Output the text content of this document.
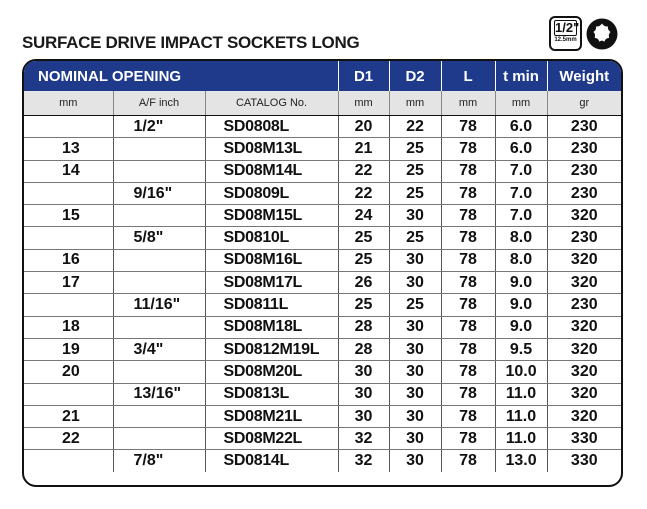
SURFACE DRIVE IMPACT SOCKETS LONG
1/2"
12.5mm
NOMINAL OPENING			D1	D2	L	t min	Weight
mm	A/F inch	CATALOG No.	mm	mm	mm	mm	gr
	1/2"	SD0808L	20	22	78	6.0	230
13		SD08M13L	21	25	78	6.0	230
14		SD08M14L	22	25	78	7.0	230
	9/16"	SD0809L	22	25	78	7.0	230
15		SD08M15L	24	30	78	7.0	320
	5/8"	SD0810L	25	25	78	8.0	230
16		SD08M16L	25	30	78	8.0	320
17		SD08M17L	26	30	78	9.0	320
	11/16"	SD0811L	25	25	78	9.0	230
18		SD08M18L	28	30	78	9.0	320
19	3/4"	SD0812M19L	28	30	78	9.5	320
20		SD08M20L	30	30	78	10.0	320
	13/16"	SD0813L	30	30	78	11.0	320
21		SD08M21L	30	30	78	11.0	320
22		SD08M22L	32	30	78	11.0	330
	7/8"	SD0814L	32	30	78	13.0	330
